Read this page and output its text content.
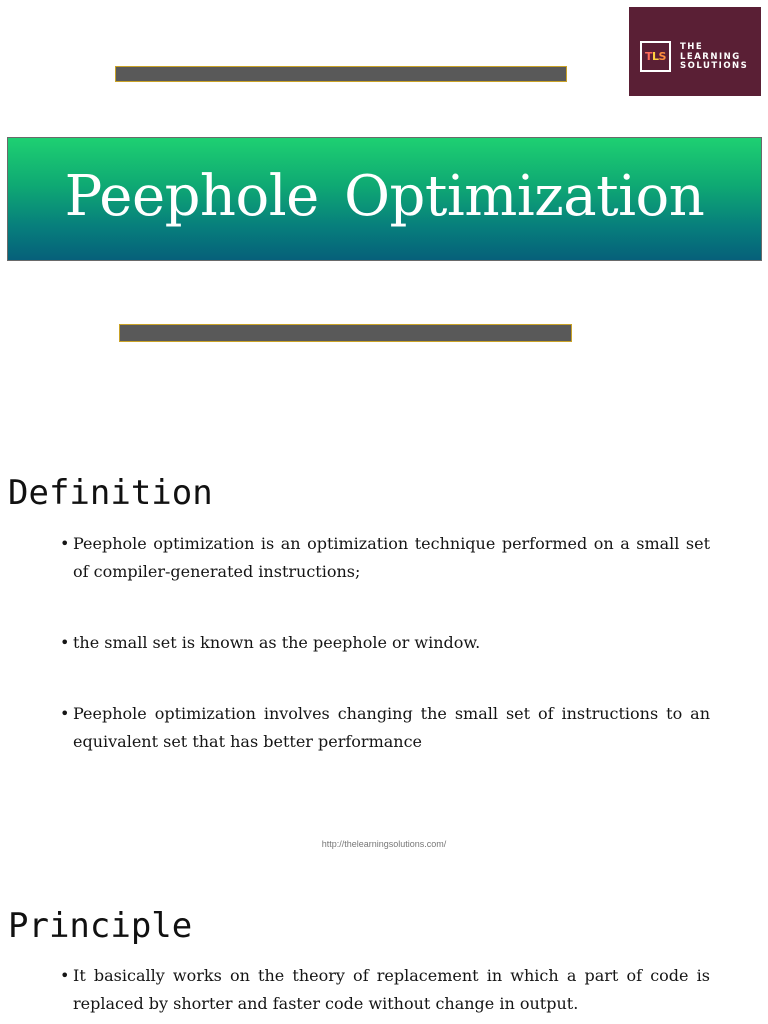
TLS
THE
LEARNING
SOLUTIONS
Peephole Optimization
Definition
• Peephole optimization is an optimization technique performed on a small set of compiler-generated instructions;
• the small set is known as the peephole or window.
• Peephole optimization involves changing the small set of instructions to an equivalent set that has better performance
http://thelearningsolutions.com/
Principle
• It basically works on the theory of replacement in which a part of code is replaced by shorter and faster code without change in output.
